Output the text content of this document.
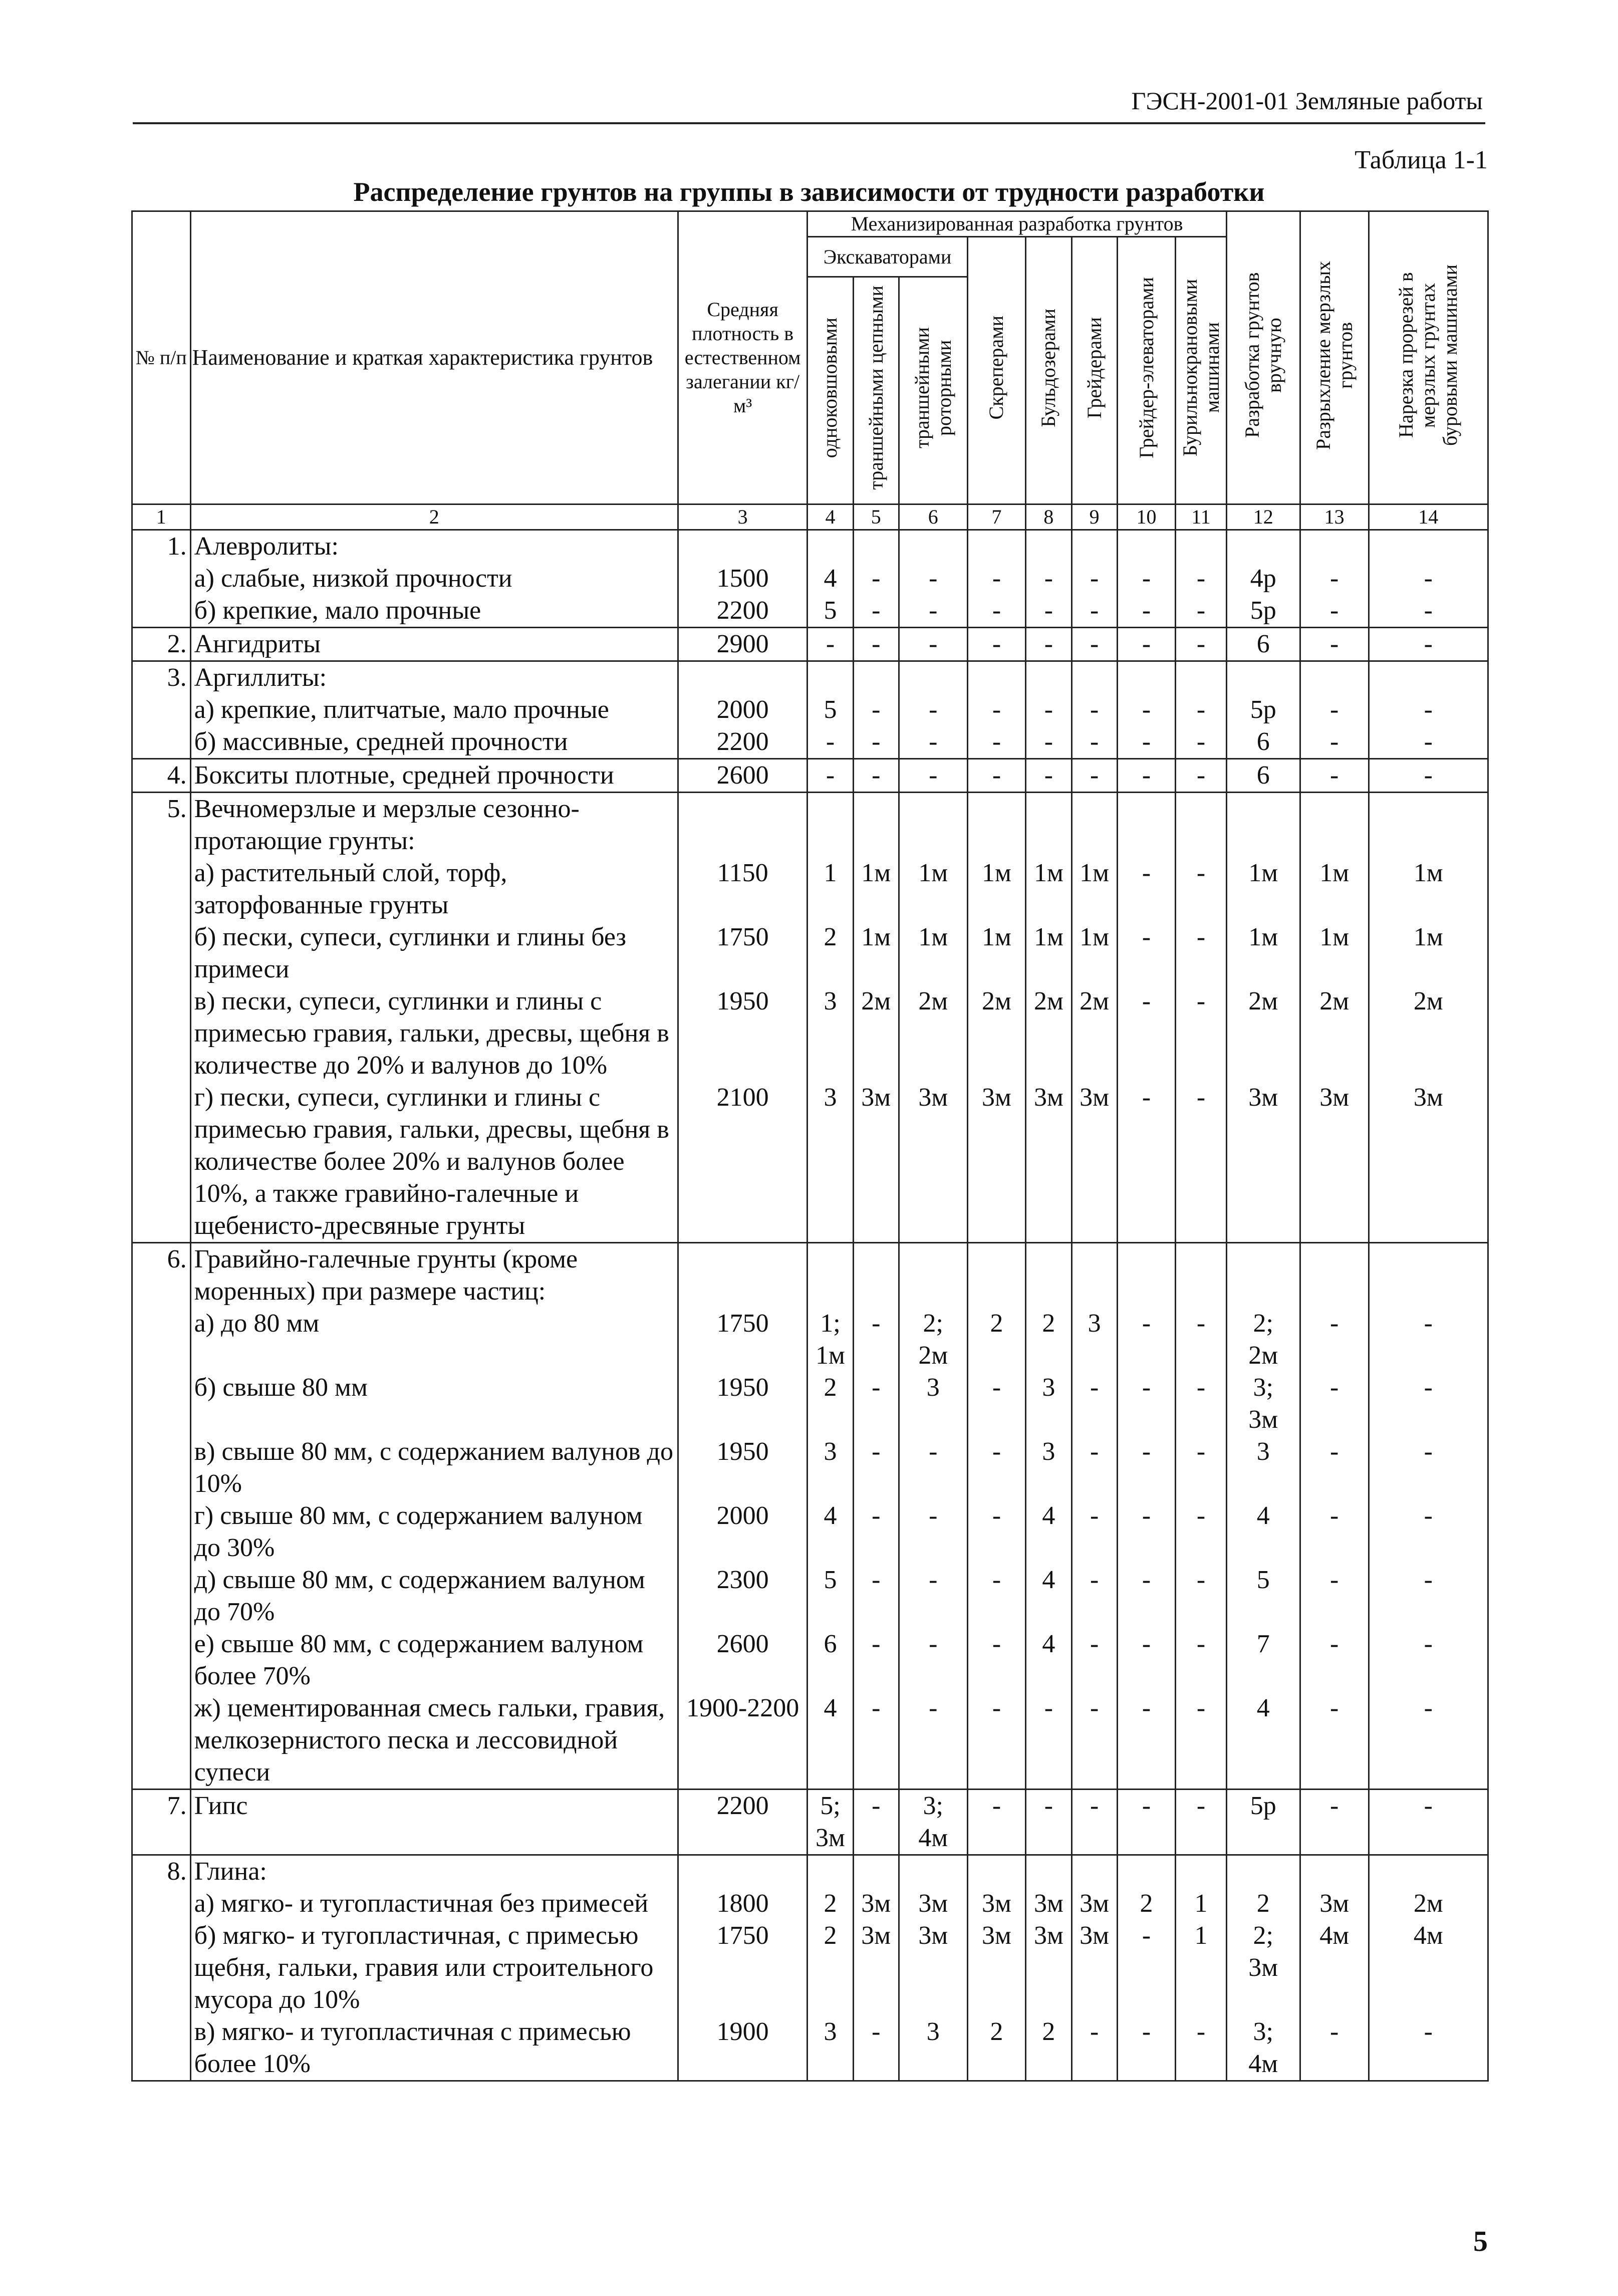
ГЭСН-2001-01 Земляные работы
Таблица 1-1
Распределение грунтов на группы в зависимости от трудности разработки
№ п/п	Наименование и краткая характеристика грунтов	Средняя плотность в естественном залегании кг/м³	Механизированная разработка грунтов								Разработка грунтов вручную	Разрыхление мерзлых грунтов	Нарезка прорезей в мерзлых грунтах буровыми машинами
			Экскаваторами			Скреперами	Бульдозерами	Грейдерами	Грейдер-элеваторами	Бурильнокрановыми машинами			
			одноковшовыми	траншейными цепными	траншейными роторными								
1	2	3	4	5	6	7	8	9	10	11	12	13	14
1.	Алевролиты:												
	а) слабые, низкой прочности	1500	4	-	-	-	-	-	-	-	4р	-	-
	б) крепкие, мало прочные	2200	5	-	-	-	-	-	-	-	5р	-	-
2.	Ангидриты	2900	-	-	-	-	-	-	-	-	6	-	-
3.	Аргиллиты:												
	а) крепкие, плитчатые, мало прочные	2000	5	-	-	-	-	-	-	-	5р	-	-
	б) массивные, средней прочности	2200	-	-	-	-	-	-	-	-	6	-	-
4.	Бокситы плотные, средней прочности	2600	-	-	-	-	-	-	-	-	6	-	-
5.	Вечномерзлые и мерзлые сезонно-протающие грунты:												
	а) растительный слой, торф, заторфованные грунты	1150	1	1м	1м	1м	1м	1м	-	-	1м	1м	1м
	б) пески, супеси, суглинки и глины без примеси	1750	2	1м	1м	1м	1м	1м	-	-	1м	1м	1м
	в) пески, супеси, суглинки и глины с примесью гравия, гальки, дресвы, щебня в количестве до 20% и валунов до 10%	1950	3	2м	2м	2м	2м	2м	-	-	2м	2м	2м
	г) пески, супеси, суглинки и глины с примесью гравия, гальки, дресвы, щебня в количестве более 20% и валунов более 10%, а также гравийно-галечные и щебенисто-дресвяные грунты	2100	3	3м	3м	3м	3м	3м	-	-	3м	3м	3м
6.	Гравийно-галечные грунты (кроме моренных) при размере частиц:												
	а) до 80 мм	1750	1;
1м	-	2;
2м	2	2	3	-	-	2;
2м	-	-
	б) свыше 80 мм	1950	2	-	3	-	3	-	-	-	3;
3м	-	-
	в) свыше 80 мм, с содержанием валунов до 10%	1950	3	-	-	-	3	-	-	-	3	-	-
	г) свыше 80 мм, с содержанием валуном до 30%	2000	4	-	-	-	4	-	-	-	4	-	-
	д) свыше 80 мм, с содержанием валуном до 70%	2300	5	-	-	-	4	-	-	-	5	-	-
	е) свыше 80 мм, с содержанием валуном более 70%	2600	6	-	-	-	4	-	-	-	7	-	-
	ж) цементированная смесь гальки, гравия, мелкозернистого песка и лессовидной супеси	1900-2200	4	-	-	-	-	-	-	-	4	-	-
7.	Гипс	2200	5;
3м	-	3;
4м	-	-	-	-	-	5р	-	-
8.	Глина:												
	а) мягко- и тугопластичная без примесей	1800	2	3м	3м	3м	3м	3м	2	1	2	3м	2м
	б) мягко- и тугопластичная, с примесью щебня, гальки, гравия или строительного мусора до 10%	1750	2	3м	3м	3м	3м	3м	-	1	2;
3м	4м	4м
	в) мягко- и тугопластичная с примесью более 10%	1900	3	-	3	2	2	-	-	-	3;
4м	-	-
5
